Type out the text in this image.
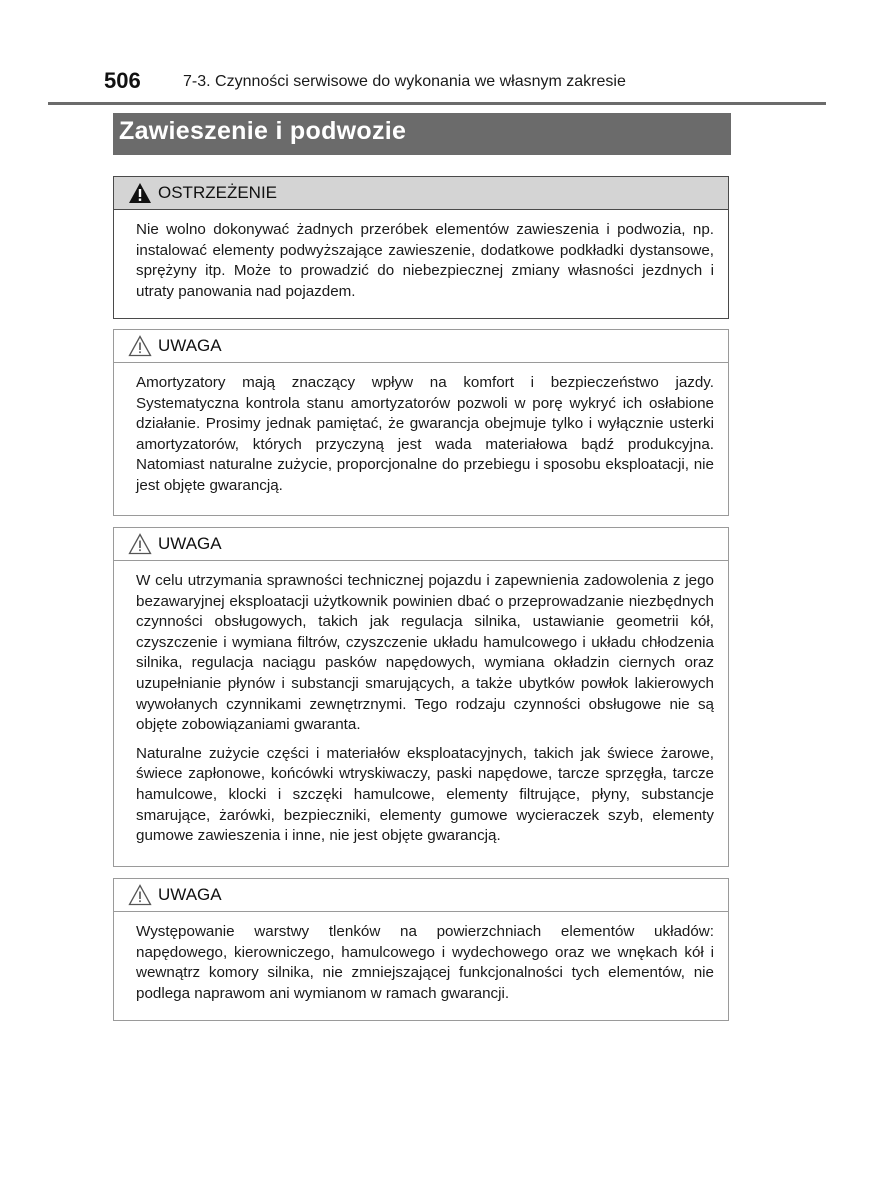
506	7-3. Czynności serwisowe do wykonania we własnym zakresie
Zawieszenie i podwozie
OSTRZEŻENIE

Nie wolno dokonywać żadnych przeróbek elementów zawieszenia i podwozia, np. instalować elementy podwyższające zawieszenie, dodatkowe podkładki dystansowe, sprężyny itp. Może to prowadzić do niebezpiecznej zmiany własności jezdnych i utraty panowania nad pojazdem.

UWAGA

Amortyzatory mają znaczący wpływ na komfort i bezpieczeństwo jazdy. Systematyczna kontrola stanu amortyzatorów pozwoli w porę wykryć ich osłabione działanie. Prosimy jednak pamiętać, że gwarancja obejmuje tylko i wyłącznie usterki amortyzatorów, których przyczyną jest wada materiałowa bądź produkcyjna. Natomiast naturalne zużycie, proporcjonalne do przebiegu i sposobu eksploatacji, nie jest objęte gwarancją.

UWAGA

W celu utrzymania sprawności technicznej pojazdu i zapewnienia zadowolenia z jego bezawaryjnej eksploatacji użytkownik powinien dbać o przeprowadzanie niezbędnych czynności obsługowych, takich jak regulacja silnika, ustawianie geometrii kół, czyszczenie i wymiana filtrów, czyszczenie układu hamulcowego i układu chłodzenia silnika, regulacja naciągu pasków napędowych, wymiana okładzin ciernych oraz uzupełnianie płynów i substancji smarujących, a także ubytków powłok lakierowych wywołanych czynnikami zewnętrznymi. Tego rodzaju czynności obsługowe nie są objęte zobowiązaniami gwaranta.

Naturalne zużycie części i materiałów eksploatacyjnych, takich jak świece żarowe, świece zapłonowe, końcówki wtryskiwaczy, paski napędowe, tarcze sprzęgła, tarcze hamulcowe, klocki i szczęki hamulcowe, elementy filtrujące, płyny, substancje smarujące, żarówki, bezpieczniki, elementy gumowe wycieraczek szyb, elementy gumowe zawieszenia i inne, nie jest objęte gwarancją.

UWAGA

Występowanie warstwy tlenków na powierzchniach elementów układów: napędowego, kierowniczego, hamulcowego i wydechowego oraz we wnękach kół i wewnątrz komory silnika, nie zmniejszającej funkcjonalności tych elementów, nie podlega naprawom ani wymianom w ramach gwarancji.
